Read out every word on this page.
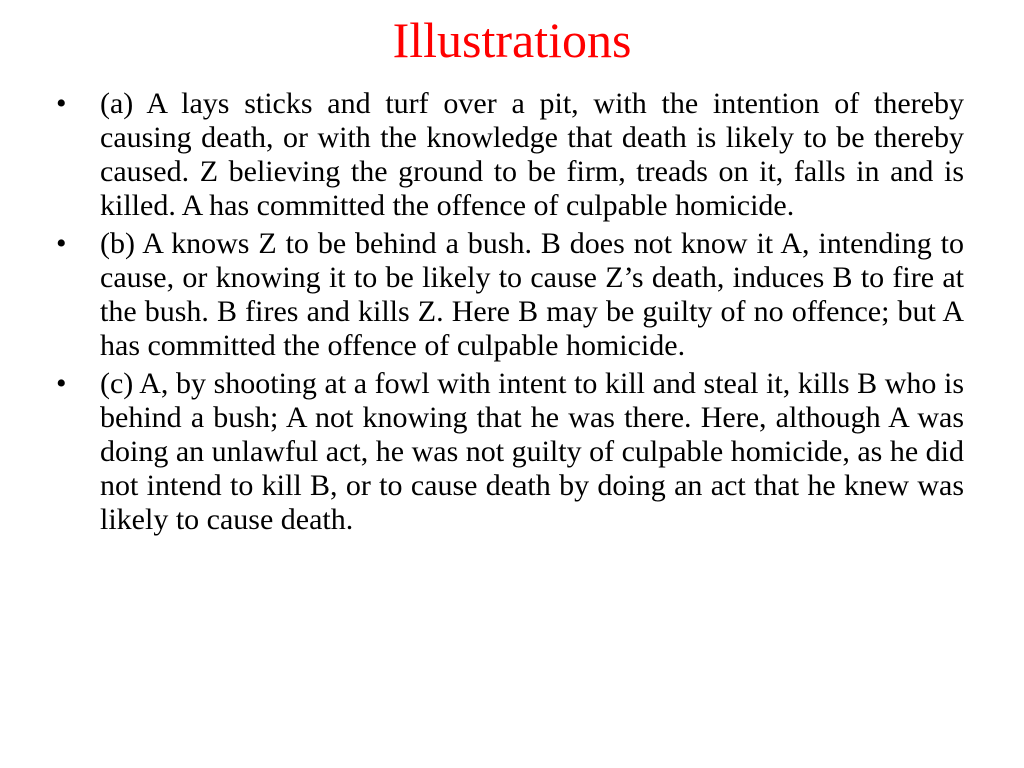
Illustrations
• (a) A lays sticks and turf over a pit, with the intention of thereby causing death, or with the knowledge that death is likely to be thereby caused. Z believing the ground to be firm, treads on it, falls in and is killed. A has committed the offence of culpable homicide.
• (b) A knows Z to be behind a bush. B does not know it A, intending to cause, or knowing it to be likely to cause Z’s death, induces B to fire at the bush. B fires and kills Z. Here B may be guilty of no offence; but A has committed the offence of culpable homicide.
• (c) A, by shooting at a fowl with intent to kill and steal it, kills B who is behind a bush; A not knowing that he was there. Here, although A was doing an unlawful act, he was not guilty of culpable homicide, as he did not intend to kill B, or to cause death by doing an act that he knew was likely to cause death.
